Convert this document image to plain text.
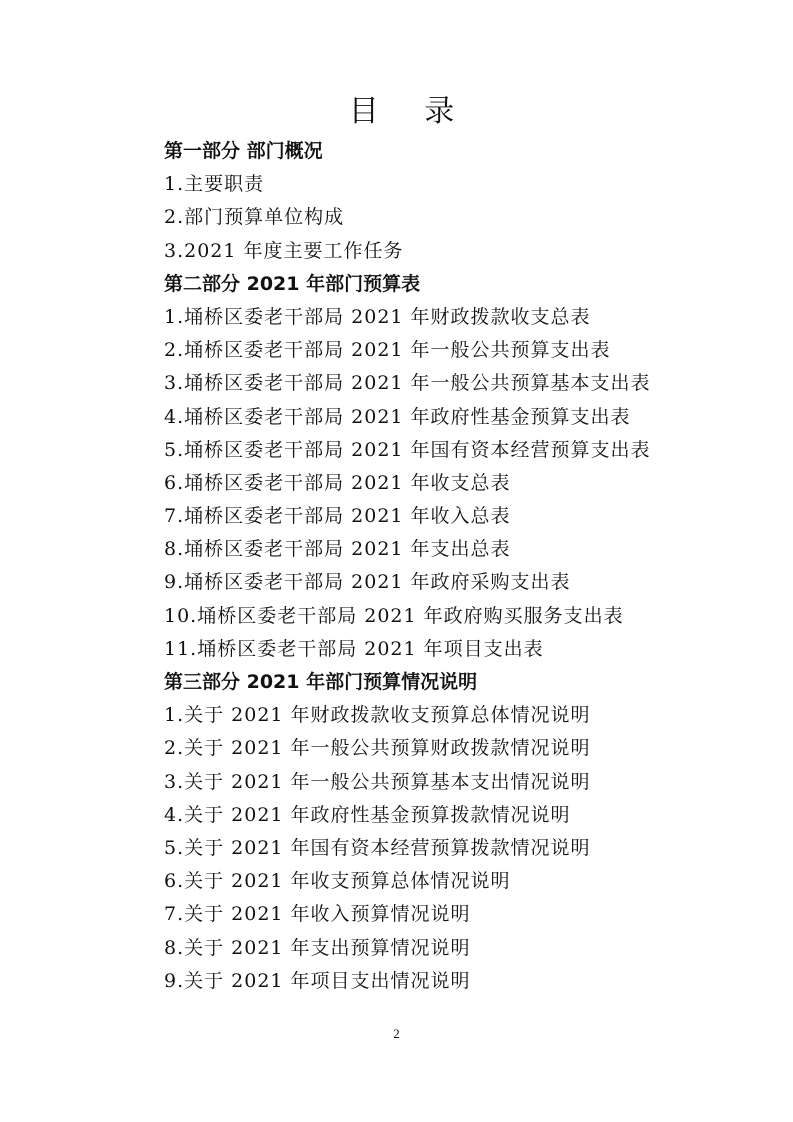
目 录
第一部分 部门概况
1.主要职责
2.部门预算单位构成
3.2021 年度主要工作任务
第二部分 2021 年部门预算表
1.埇桥区委老干部局 2021 年财政拨款收支总表
2.埇桥区委老干部局 2021 年一般公共预算支出表
3.埇桥区委老干部局 2021 年一般公共预算基本支出表
4.埇桥区委老干部局 2021 年政府性基金预算支出表
5.埇桥区委老干部局 2021 年国有资本经营预算支出表
6.埇桥区委老干部局 2021 年收支总表
7.埇桥区委老干部局 2021 年收入总表
8.埇桥区委老干部局 2021 年支出总表
9.埇桥区委老干部局 2021 年政府采购支出表
10.埇桥区委老干部局 2021 年政府购买服务支出表
11.埇桥区委老干部局 2021 年项目支出表
第三部分 2021 年部门预算情况说明
1.关于 2021 年财政拨款收支预算总体情况说明
2.关于 2021 年一般公共预算财政拨款情况说明
3.关于 2021 年一般公共预算基本支出情况说明
4.关于 2021 年政府性基金预算拨款情况说明
5.关于 2021 年国有资本经营预算拨款情况说明
6.关于 2021 年收支预算总体情况说明
7.关于 2021 年收入预算情况说明
8.关于 2021 年支出预算情况说明
9.关于 2021 年项目支出情况说明
2
